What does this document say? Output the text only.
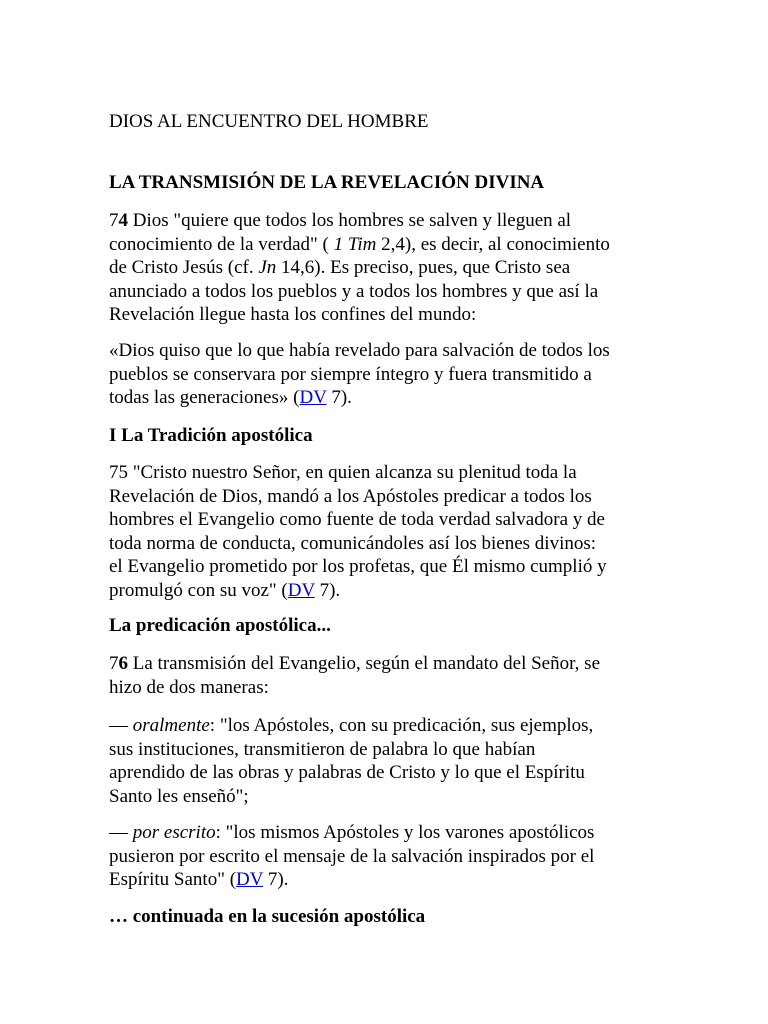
DIOS AL ENCUENTRO DEL HOMBRE
LA TRANSMISIÓN DE LA REVELACIÓN DIVINA
74 Dios "quiere que todos los hombres se salven y lleguen al
conocimiento de la verdad" ( 1 Tim 2,4), es decir, al conocimiento
de Cristo Jesús (cf. Jn 14,6). Es preciso, pues, que Cristo sea
anunciado a todos los pueblos y a todos los hombres y que así la
Revelación llegue hasta los confines del mundo:
«Dios quiso que lo que había revelado para salvación de todos los
pueblos se conservara por siempre íntegro y fuera transmitido a
todas las generaciones» (DV 7).
I La Tradición apostólica
75 "Cristo nuestro Señor, en quien alcanza su plenitud toda la
Revelación de Dios, mandó a los Apóstoles predicar a todos los
hombres el Evangelio como fuente de toda verdad salvadora y de
toda norma de conducta, comunicándoles así los bienes divinos:
el Evangelio prometido por los profetas, que Él mismo cumplió y
promulgó con su voz" (DV 7).
La predicación apostólica...
76 La transmisión del Evangelio, según el mandato del Señor, se
hizo de dos maneras:
— oralmente: "los Apóstoles, con su predicación, sus ejemplos,
sus instituciones, transmitieron de palabra lo que habían
aprendido de las obras y palabras de Cristo y lo que el Espíritu
Santo les enseñó";
— por escrito: "los mismos Apóstoles y los varones apostólicos
pusieron por escrito el mensaje de la salvación inspirados por el
Espíritu Santo" (DV 7).
… continuada en la sucesión apostólica
